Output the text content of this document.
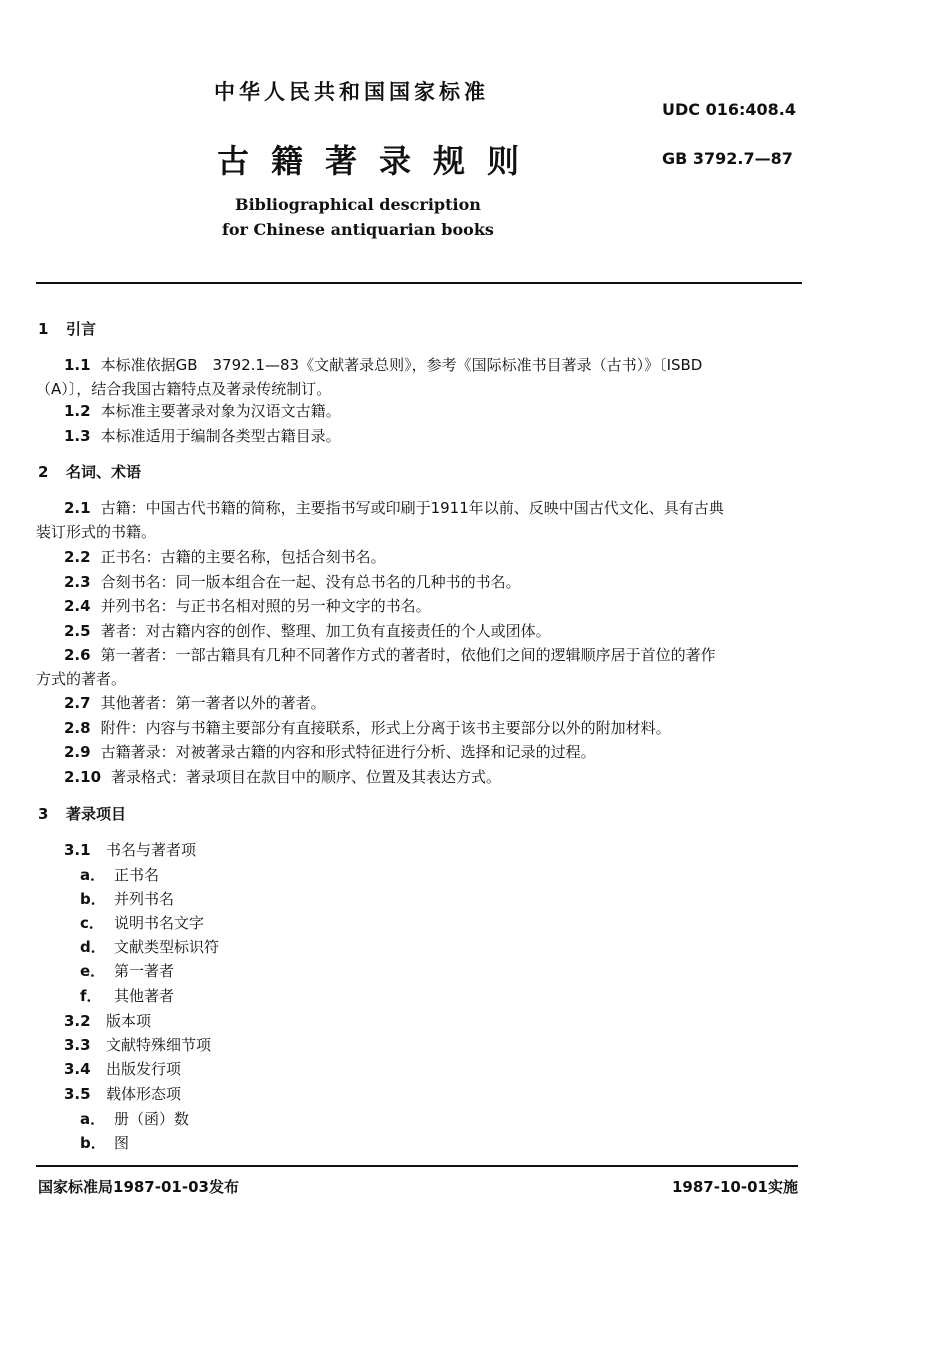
中华人民共和国国家标准
UDC 016:408.4
古籍著录规则	GB 3792.7—87
Bibliographical description
for Chinese antiquarian books
1 引言
1.1 本标准依据GB　3792.1—83《文献著录总则》，参考《国际标准书目著录（古书）》〔ISBD
（A）〕，结合我国古籍特点及著录传统制订。
1.2 本标准主要著录对象为汉语文古籍。
1.3 本标准适用于编制各类型古籍目录。
2 名词、术语
2.1 古籍：中国古代书籍的简称，主要指书写或印刷于1911年以前、反映中国古代文化、具有古典
装订形式的书籍。
2.2 正书名：古籍的主要名称，包括合刻书名。
2.3 合刻书名：同一版本组合在一起、没有总书名的几种书的书名。
2.4 并列书名：与正书名相对照的另一种文字的书名。
2.5 著者：对古籍内容的创作、整理、加工负有直接责任的个人或团体。
2.6 第一著者：一部古籍具有几种不同著作方式的著者时，依他们之间的逻辑顺序居于首位的著作
方式的著者。
2.7 其他著者：第一著者以外的著者。
2.8 附件：内容与书籍主要部分有直接联系，形式上分离于该书主要部分以外的附加材料。
2.9 古籍著录：对被著录古籍的内容和形式特征进行分析、选择和记录的过程。
2.10 著录格式：著录项目在款目中的顺序、位置及其表达方式。
3 著录项目
3.1 书名与著者项
a． 正书名
b． 并列书名
c． 说明书名文字
d． 文献类型标识符
e． 第一著者
f． 其他著者
3.2 版本项
3.3 文献特殊细节项
3.4 出版发行项
3.5 载体形态项
a． 册（函）数
b． 图
国家标准局1987-01-03发布	1987-10-01实施
